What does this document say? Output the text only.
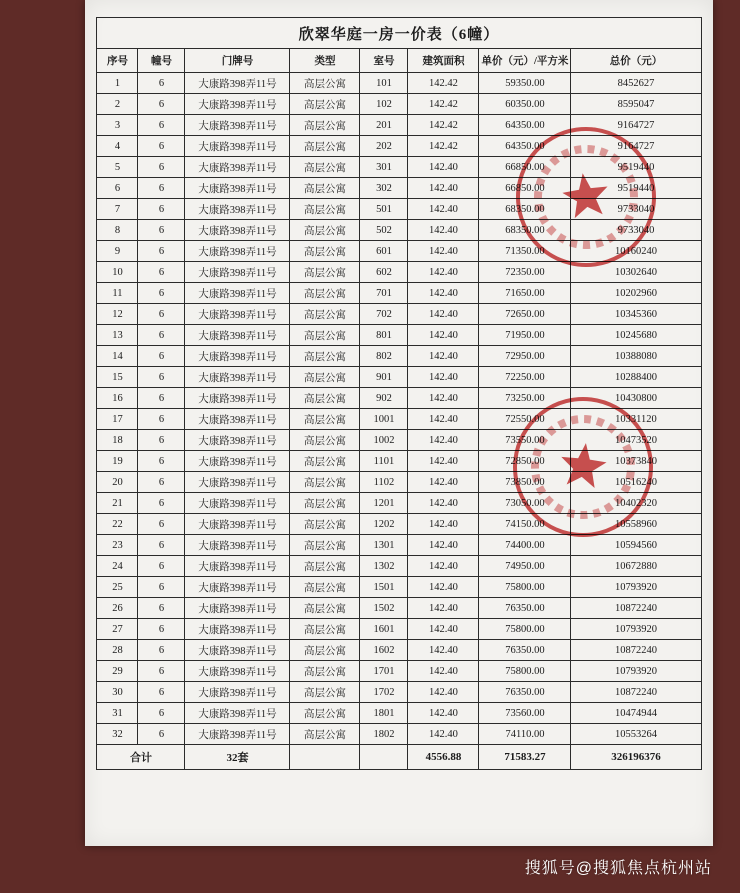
欣翠华庭一房一价表（6幢）							
序号	幢号	门牌号	类型	室号	建筑面积	单价（元）/平方米	总价（元）
1	6	大康路398弄11号	高层公寓	101	142.42	59350.00	8452627
2	6	大康路398弄11号	高层公寓	102	142.42	60350.00	8595047
3	6	大康路398弄11号	高层公寓	201	142.42	64350.00	9164727
4	6	大康路398弄11号	高层公寓	202	142.42	64350.00	9164727
5	6	大康路398弄11号	高层公寓	301	142.40	66850.00	9519440
6	6	大康路398弄11号	高层公寓	302	142.40	66850.00	9519440
7	6	大康路398弄11号	高层公寓	501	142.40	68350.00	9733040
8	6	大康路398弄11号	高层公寓	502	142.40	68350.00	9733040
9	6	大康路398弄11号	高层公寓	601	142.40	71350.00	10160240
10	6	大康路398弄11号	高层公寓	602	142.40	72350.00	10302640
11	6	大康路398弄11号	高层公寓	701	142.40	71650.00	10202960
12	6	大康路398弄11号	高层公寓	702	142.40	72650.00	10345360
13	6	大康路398弄11号	高层公寓	801	142.40	71950.00	10245680
14	6	大康路398弄11号	高层公寓	802	142.40	72950.00	10388080
15	6	大康路398弄11号	高层公寓	901	142.40	72250.00	10288400
16	6	大康路398弄11号	高层公寓	902	142.40	73250.00	10430800
17	6	大康路398弄11号	高层公寓	1001	142.40	72550.00	10331120
18	6	大康路398弄11号	高层公寓	1002	142.40	73550.00	10473520
19	6	大康路398弄11号	高层公寓	1101	142.40	72850.00	10373840
20	6	大康路398弄11号	高层公寓	1102	142.40	73850.00	10516240
21	6	大康路398弄11号	高层公寓	1201	142.40	73050.00	10402320
22	6	大康路398弄11号	高层公寓	1202	142.40	74150.00	10558960
23	6	大康路398弄11号	高层公寓	1301	142.40	74400.00	10594560
24	6	大康路398弄11号	高层公寓	1302	142.40	74950.00	10672880
25	6	大康路398弄11号	高层公寓	1501	142.40	75800.00	10793920
26	6	大康路398弄11号	高层公寓	1502	142.40	76350.00	10872240
27	6	大康路398弄11号	高层公寓	1601	142.40	75800.00	10793920
28	6	大康路398弄11号	高层公寓	1602	142.40	76350.00	10872240
29	6	大康路398弄11号	高层公寓	1701	142.40	75800.00	10793920
30	6	大康路398弄11号	高层公寓	1702	142.40	76350.00	10872240
31	6	大康路398弄11号	高层公寓	1801	142.40	73560.00	10474944
32	6	大康路398弄11号	高层公寓	1802	142.40	74110.00	10553264
合计		32套			4556.88	71583.27	326196376
搜狐号@搜狐焦点杭州站
